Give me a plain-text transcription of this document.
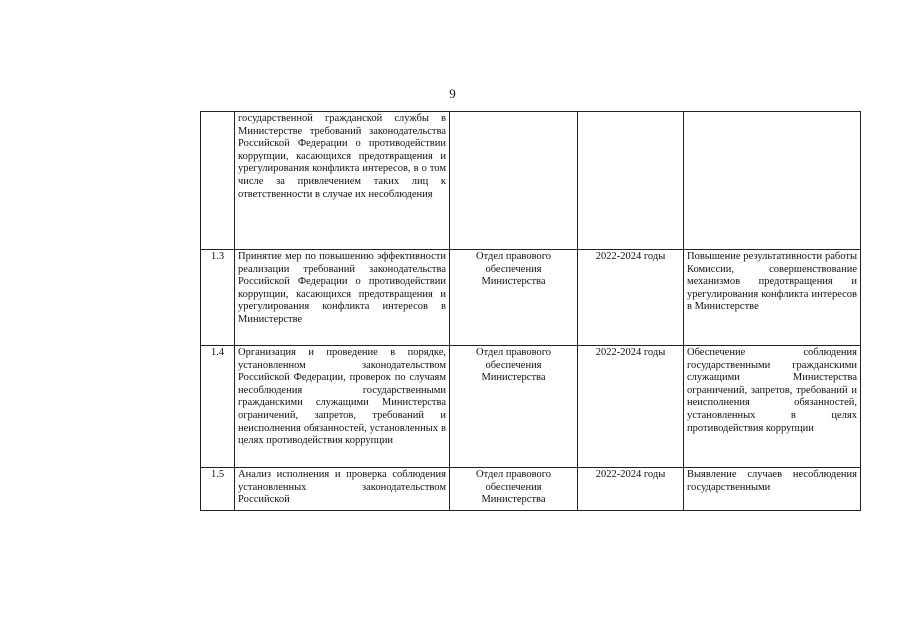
9
	государственной гражданской службы в Министерстве требований законодательства Российской Федерации о противодействии коррупции, касающихся предотвращения и урегулирования конфликта интересов, в о том числе за привлечением таких лиц к ответственности в случае их несоблюдения			
1.3	Принятие мер по повышению эффективности реализации требований законодательства Российской Федерации о противодействии коррупции, касающихся предотвращения и урегулирования конфликта интересов в Министерстве	Отдел правового обеспечения Министерства	2022-2024 годы	Повышение результативности работы Комиссии, совершенствование механизмов предотвращения и урегулирования конфликта интересов в Министерстве
1.4	Организация и проведение в порядке, установленном законодательством Российской Федерации, проверок по случаям несоблюдения государственными гражданскими служащими Министерства ограничений, запретов, требований и неисполнения обязанностей, установленных в целях противодействия коррупции	Отдел правового обеспечения Министерства	2022-2024 годы	Обеспечение соблюдения государственными гражданскими служащими Министерства ограничений, запретов, требований и неисполнения обязанностей, установленных в целях противодействия коррупции
1.5	Анализ исполнения и проверка соблюдения установленных законодательством Российской	Отдел правового обеспечения Министерства	2022-2024 годы	Выявление случаев несоблюдения государственными
